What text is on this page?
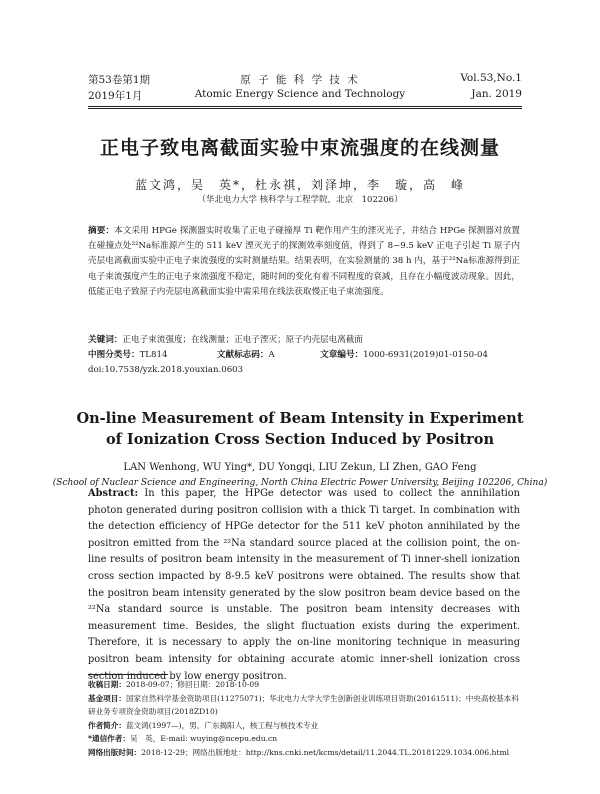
第53卷第1期	原 子 能 科 学 技 术	Vol.53,No.1
2019年1月	Atomic Energy Science and Technology	Jan. 2019
正电子致电离截面实验中束流强度的在线测量
蓝文鸿，吴　英*，杜永祺，刘泽坤，李　璇，高　峰
（华北电力大学 核科学与工程学院，北京　102206）
摘要：本文采用 HPGe 探测器实时收集了正电子碰撞厚 Ti 靶作用产生的湮灭光子，并结合 HPGe 探测器对放置在碰撞点处²²Na标准源产生的 511 keV 湮灭光子的探测效率刻度值，得到了 8~9.5 keV 正电子引起 Ti 原子内壳层电离截面实验中正电子束流强度的实时测量结果。结果表明，在实验测量的 38 h 内，基于²²Na标准源得到正电子束流强度产生的正电子束流强度不稳定，随时间的变化有着不同程度的衰减，且存在小幅度波动现象。因此，低能正电子致原子内壳层电离截面实验中需采用在线法获取慢正电子束流强度。
关键词：正电子束流强度；在线测量；正电子湮灭；原子内壳层电离截面
中图分类号：TL814	文献标志码：A	文章编号：1000-6931(2019)01-0150-04
doi:10.7538/yzk.2018.youxian.0603
On-line Measurement of Beam Intensity in Experiment
of Ionization Cross Section Induced by Positron
LAN Wenhong, WU Ying*, DU Yongqi, LIU Zekun, LI Zhen, GAO Feng
(School of Nuclear Science and Engineering, North China Electric Power University, Beijing 102206, China)
Abstract: In this paper, the HPGe detector was used to collect the annihilation photon generated during positron collision with a thick Ti target. In combination with the detection efficiency of HPGe detector for the 511 keV photon annihilated by the positron emitted from the ²²Na standard source placed at the collision point, the on-line results of positron beam intensity in the measurement of Ti inner-shell ionization cross section impacted by 8-9.5 keV positrons were obtained. The results show that the positron beam intensity generated by the slow positron beam device based on the ²²Na standard source is unstable. The positron beam intensity decreases with measurement time. Besides, the slight fluctuation exists during the experiment. Therefore, it is necessary to apply the on-line monitoring technique in measuring positron beam intensity for obtaining accurate atomic inner-shell ionization cross section induced by low energy positron.
收稿日期：2018-09-07；修回日期：2018-10-09
基金项目：国家自然科学基金资助项目(11275071)；华北电力大学大学生创新创业训练项目资助(20161511)；中央高校基本科研业务专项资金资助项目(2018ZD10)
作者简介：蓝文鸿(1997—)，男，广东揭阳人，核工程与核技术专业
*通信作者：吴　英，E-mail: wuying@ncepu.edu.cn
网络出版时间：2018-12-29；网络出版地址：http://kns.cnki.net/kcms/detail/11.2044.TL.20181229.1034.006.html
